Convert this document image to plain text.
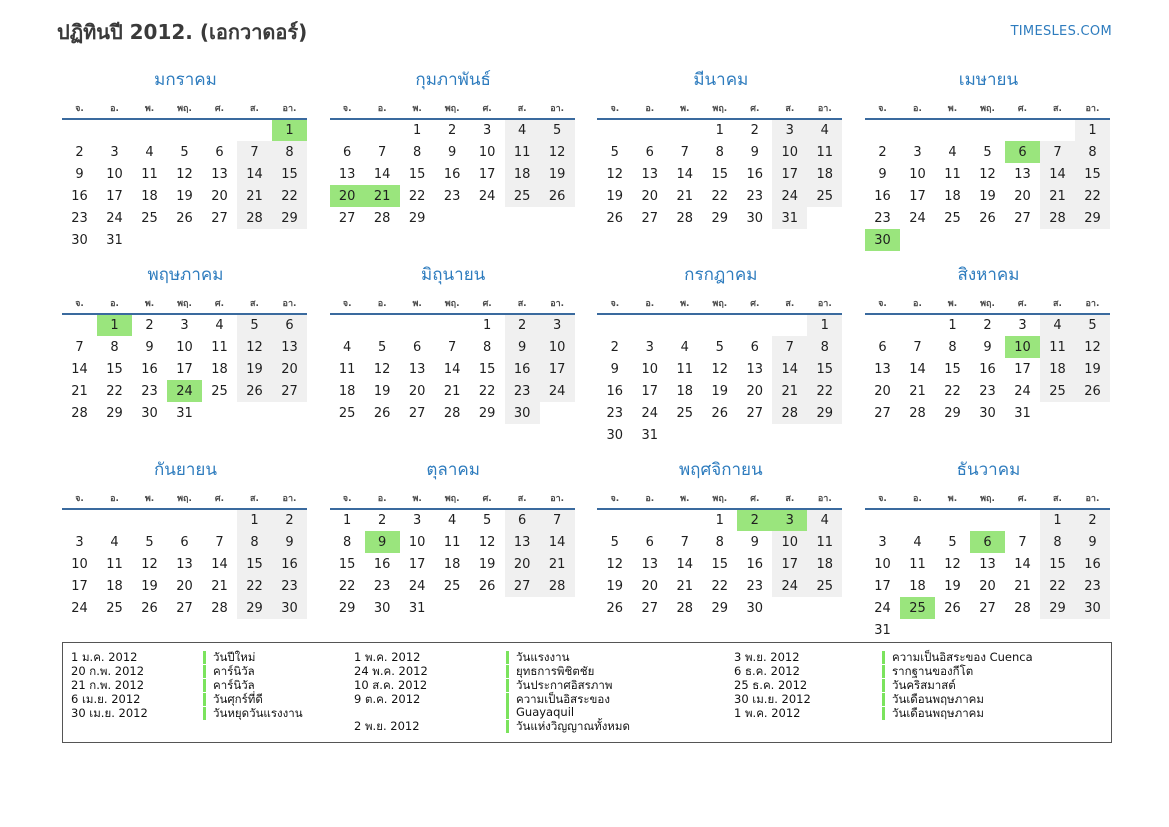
ปฏิทินปี 2012. (เอกวาดอร์)	TIMESLES.COM
มกราคม
จ.	อ.	พ.	พฤ.	ศ.	ส.	อา.
						1
2	3	4	5	6	7	8
9	10	11	12	13	14	15
16	17	18	19	20	21	22
23	24	25	26	27	28	29
30	31					
กุมภาพันธ์
จ.	อ.	พ.	พฤ.	ศ.	ส.	อา.
		1	2	3	4	5
6	7	8	9	10	11	12
13	14	15	16	17	18	19
20	21	22	23	24	25	26
27	28	29				
มีนาคม
จ.	อ.	พ.	พฤ.	ศ.	ส.	อา.
			1	2	3	4
5	6	7	8	9	10	11
12	13	14	15	16	17	18
19	20	21	22	23	24	25
26	27	28	29	30	31	
เมษายน
จ.	อ.	พ.	พฤ.	ศ.	ส.	อา.
						1
2	3	4	5	6	7	8
9	10	11	12	13	14	15
16	17	18	19	20	21	22
23	24	25	26	27	28	29
30						
พฤษภาคม
จ.	อ.	พ.	พฤ.	ศ.	ส.	อา.
	1	2	3	4	5	6
7	8	9	10	11	12	13
14	15	16	17	18	19	20
21	22	23	24	25	26	27
28	29	30	31			
มิถุนายน
จ.	อ.	พ.	พฤ.	ศ.	ส.	อา.
				1	2	3
4	5	6	7	8	9	10
11	12	13	14	15	16	17
18	19	20	21	22	23	24
25	26	27	28	29	30	
กรกฎาคม
จ.	อ.	พ.	พฤ.	ศ.	ส.	อา.
						1
2	3	4	5	6	7	8
9	10	11	12	13	14	15
16	17	18	19	20	21	22
23	24	25	26	27	28	29
30	31					
สิงหาคม
จ.	อ.	พ.	พฤ.	ศ.	ส.	อา.
		1	2	3	4	5
6	7	8	9	10	11	12
13	14	15	16	17	18	19
20	21	22	23	24	25	26
27	28	29	30	31		
กันยายน
จ.	อ.	พ.	พฤ.	ศ.	ส.	อา.
					1	2
3	4	5	6	7	8	9
10	11	12	13	14	15	16
17	18	19	20	21	22	23
24	25	26	27	28	29	30
ตุลาคม
จ.	อ.	พ.	พฤ.	ศ.	ส.	อา.
1	2	3	4	5	6	7
8	9	10	11	12	13	14
15	16	17	18	19	20	21
22	23	24	25	26	27	28
29	30	31				
พฤศจิกายน
จ.	อ.	พ.	พฤ.	ศ.	ส.	อา.
			1	2	3	4
5	6	7	8	9	10	11
12	13	14	15	16	17	18
19	20	21	22	23	24	25
26	27	28	29	30		
ธันวาคม
จ.	อ.	พ.	พฤ.	ศ.	ส.	อา.
					1	2
3	4	5	6	7	8	9
10	11	12	13	14	15	16
17	18	19	20	21	22	23
24	25	26	27	28	29	30
31						
1 ม.ค. 2012	วันปีใหม่
20 ก.พ. 2012	คาร์นิวัล
21 ก.พ. 2012	คาร์นิวัล
6 เม.ย. 2012	วันศุกร์ที่ดี
30 เม.ย. 2012	วันหยุดวันแรงงาน
1 พ.ค. 2012	วันแรงงาน
24 พ.ค. 2012	ยุทธการพิชิตชัย
10 ส.ค. 2012	วันประกาศอิสรภาพ
9 ต.ค. 2012	ความเป็นอิสระของ Guayaquil
2 พ.ย. 2012	วันแห่งวิญญาณทั้งหมด
3 พ.ย. 2012	ความเป็นอิสระของ Cuenca
6 ธ.ค. 2012	รากฐานของกีโต
25 ธ.ค. 2012	วันคริสมาสต์
30 เม.ย. 2012	วันเดือนพฤษภาคม
1 พ.ค. 2012	วันเดือนพฤษภาคม
